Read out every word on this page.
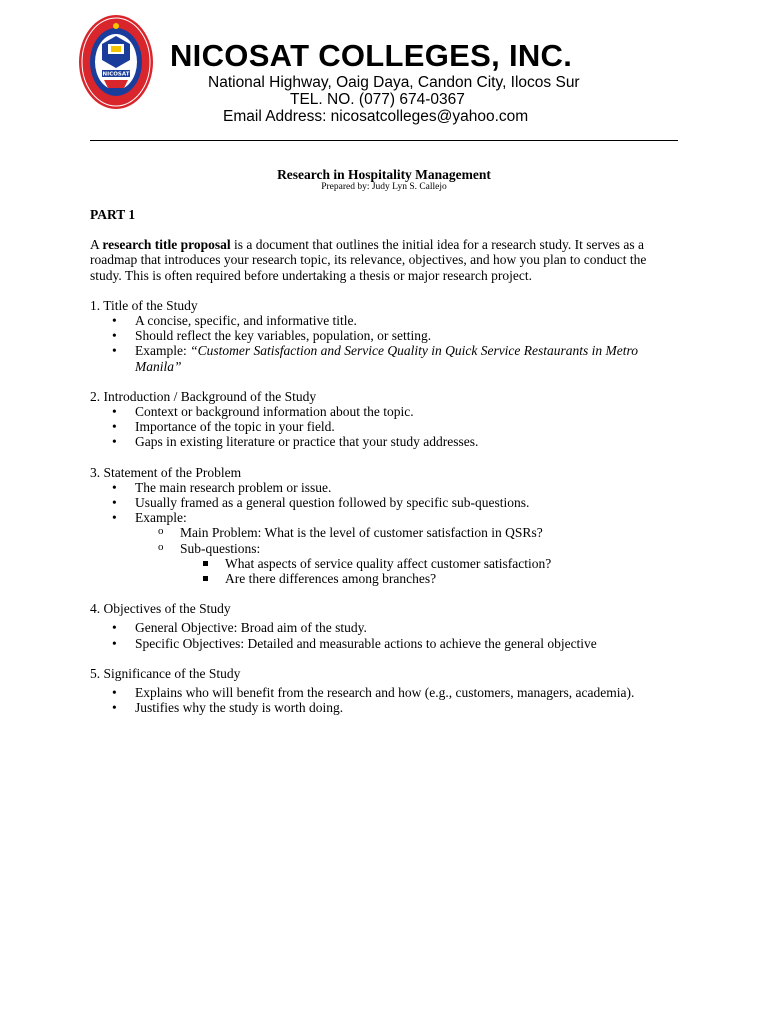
NICOSAT
NICOSAT COLLEGES, INC.

National Highway, Oaig Daya, Candon City, Ilocos Sur

TEL. NO. (077) 674-0367

Email Address: nicosatcolleges@yahoo.com

Research in Hospitality Management

Prepared by: Judy Lyn S. Callejo

PART 1

A research title proposal is a document that outlines the initial idea for a research study. It serves as a roadmap that introduces your research topic, its relevance, objectives, and how you plan to conduct the study. This is often required before undertaking a thesis or major research project.

1. Title of the Study

• A concise, specific, and informative title.
• Should reflect the key variables, population, or setting.
• Example: “Customer Satisfaction and Service Quality in Quick Service Restaurants in Metro Manila”

2. Introduction / Background of the Study

• Context or background information about the topic.
• Importance of the topic in your field.
• Gaps in existing literature or practice that your study addresses.

3. Statement of the Problem

• The main research problem or issue.
• Usually framed as a general question followed by specific sub-questions.
• Example:
o Main Problem: What is the level of customer satisfaction in QSRs?
o Sub-questions:
What aspects of service quality affect customer satisfaction?
Are there differences among branches?

4. Objectives of the Study

• General Objective: Broad aim of the study.
• Specific Objectives: Detailed and measurable actions to achieve the general objective

5. Significance of the Study

• Explains who will benefit from the research and how (e.g., customers, managers, academia).
• Justifies why the study is worth doing.
